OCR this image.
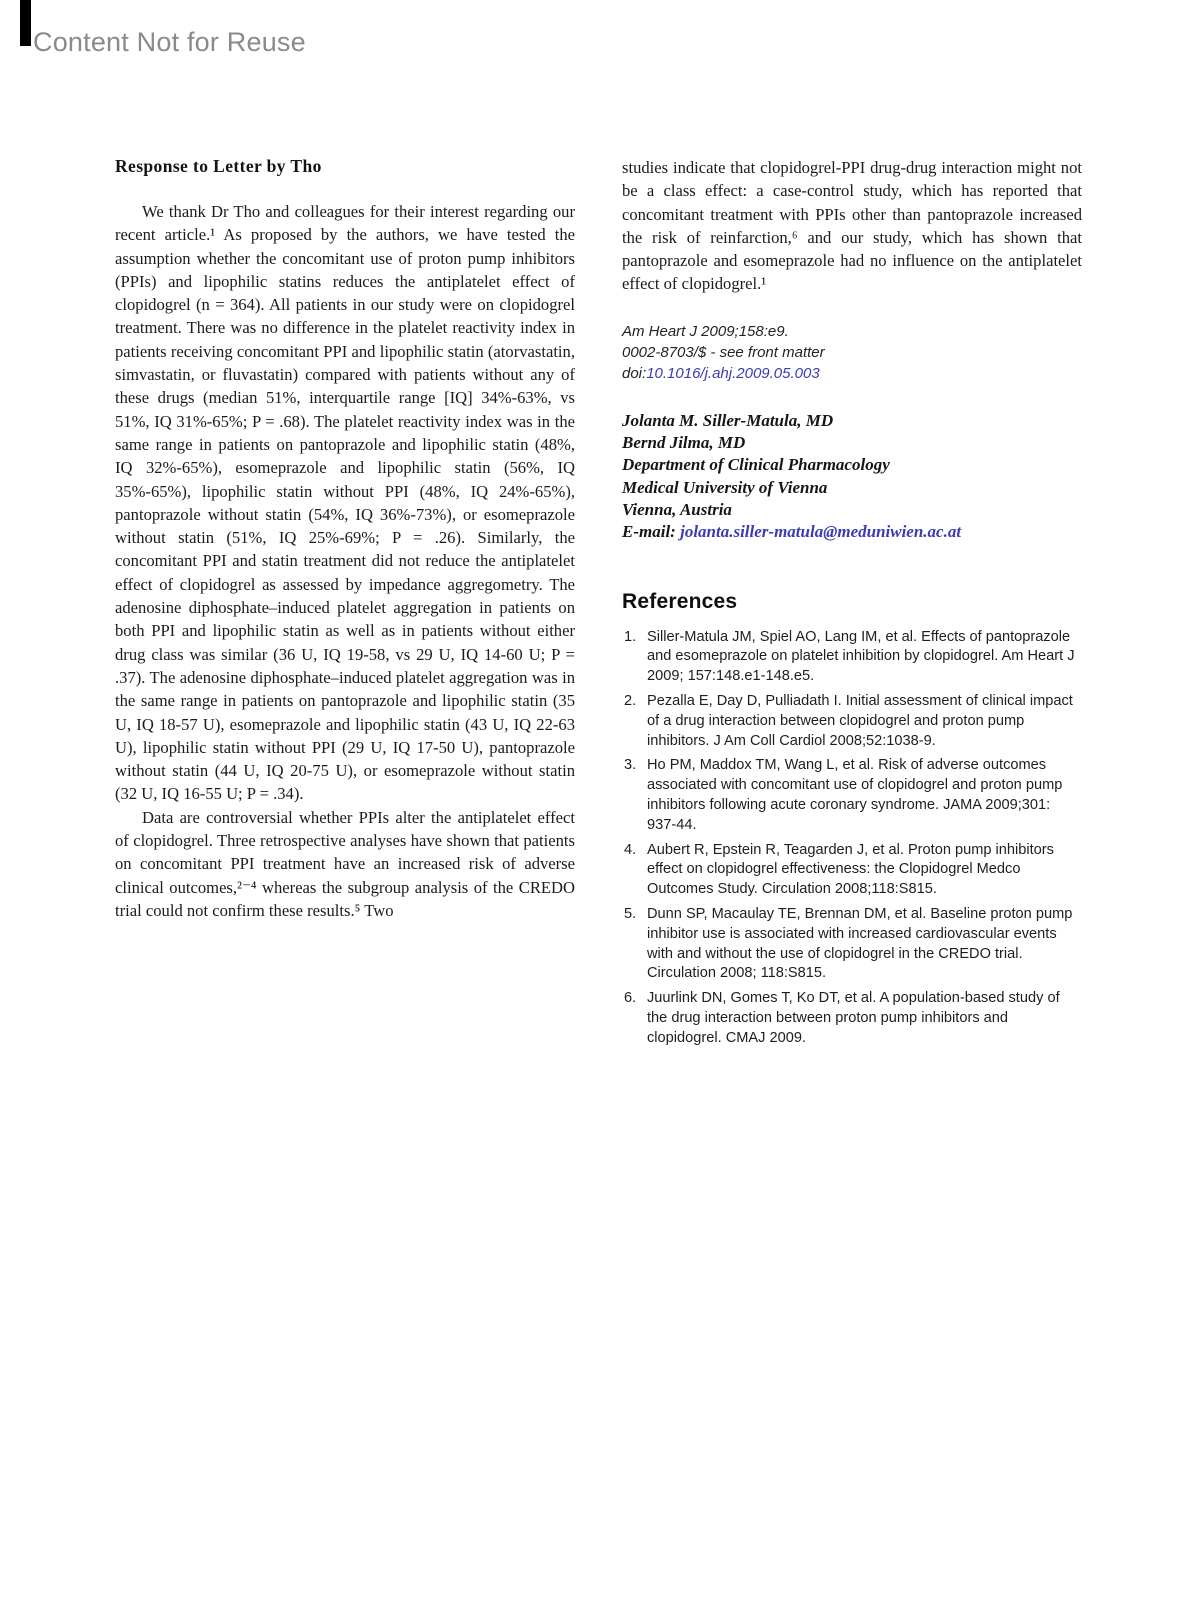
Content Not for Reuse
Response to Letter by Tho

We thank Dr Tho and colleagues for their interest regarding our recent article.¹ As proposed by the authors, we have tested the assumption whether the concomitant use of proton pump inhibitors (PPIs) and lipophilic statins reduces the antiplatelet effect of clopidogrel (n = 364). All patients in our study were on clopidogrel treatment. There was no difference in the platelet reactivity index in patients receiving concomitant PPI and lipophilic statin (atorvastatin, simvastatin, or fluvastatin) compared with patients without any of these drugs (median 51%, interquartile range [IQ] 34%-63%, vs 51%, IQ 31%-65%; P = .68). The platelet reactivity index was in the same range in patients on pantoprazole and lipophilic statin (48%, IQ 32%-65%), esomeprazole and lipophilic statin (56%, IQ 35%-65%), lipophilic statin without PPI (48%, IQ 24%-65%), pantoprazole without statin (54%, IQ 36%-73%), or esomeprazole without statin (51%, IQ 25%-69%; P = .26). Similarly, the concomitant PPI and statin treatment did not reduce the antiplatelet effect of clopidogrel as assessed by impedance aggregometry. The adenosine diphosphate–induced platelet aggregation in patients on both PPI and lipophilic statin as well as in patients without either drug class was similar (36 U, IQ 19-58, vs 29 U, IQ 14-60 U; P = .37). The adenosine diphosphate–induced platelet aggregation was in the same range in patients on pantoprazole and lipophilic statin (35 U, IQ 18-57 U), esomeprazole and lipophilic statin (43 U, IQ 22-63 U), lipophilic statin without PPI (29 U, IQ 17-50 U), pantoprazole without statin (44 U, IQ 20-75 U), or esomeprazole without statin (32 U, IQ 16-55 U; P = .34).

Data are controversial whether PPIs alter the antiplatelet effect of clopidogrel. Three retrospective analyses have shown that patients on concomitant PPI treatment have an increased risk of adverse clinical outcomes,²⁻⁴ whereas the subgroup analysis of the CREDO trial could not confirm these results.⁵ Two

studies indicate that clopidogrel-PPI drug-drug interaction might not be a class effect: a case-control study, which has reported that concomitant treatment with PPIs other than pantoprazole increased the risk of reinfarction,⁶ and our study, which has shown that pantoprazole and esomeprazole had no influence on the antiplatelet effect of clopidogrel.¹

Am Heart J 2009;158:e9.
0002-8703/$ - see front matter
doi:10.1016/j.ahj.2009.05.003
Jolanta M. Siller-Matula, MD
Bernd Jilma, MD
Department of Clinical Pharmacology
Medical University of Vienna
Vienna, Austria
E-mail: jolanta.siller-matula@meduniwien.ac.at
References
1. Siller-Matula JM, Spiel AO, Lang IM, et al. Effects of pantoprazole and esomeprazole on platelet inhibition by clopidogrel. Am Heart J 2009; 157:148.e1-148.e5.
2. Pezalla E, Day D, Pulliadath I. Initial assessment of clinical impact of a drug interaction between clopidogrel and proton pump inhibitors. J Am Coll Cardiol 2008;52:1038-9.
3. Ho PM, Maddox TM, Wang L, et al. Risk of adverse outcomes associated with concomitant use of clopidogrel and proton pump inhibitors following acute coronary syndrome. JAMA 2009;301: 937-44.
4. Aubert R, Epstein R, Teagarden J, et al. Proton pump inhibitors effect on clopidogrel effectiveness: the Clopidogrel Medco Outcomes Study. Circulation 2008;118:S815.
5. Dunn SP, Macaulay TE, Brennan DM, et al. Baseline proton pump inhibitor use is associated with increased cardiovascular events with and without the use of clopidogrel in the CREDO trial. Circulation 2008; 118:S815.
6. Juurlink DN, Gomes T, Ko DT, et al. A population-based study of the drug interaction between proton pump inhibitors and clopidogrel. CMAJ 2009.
